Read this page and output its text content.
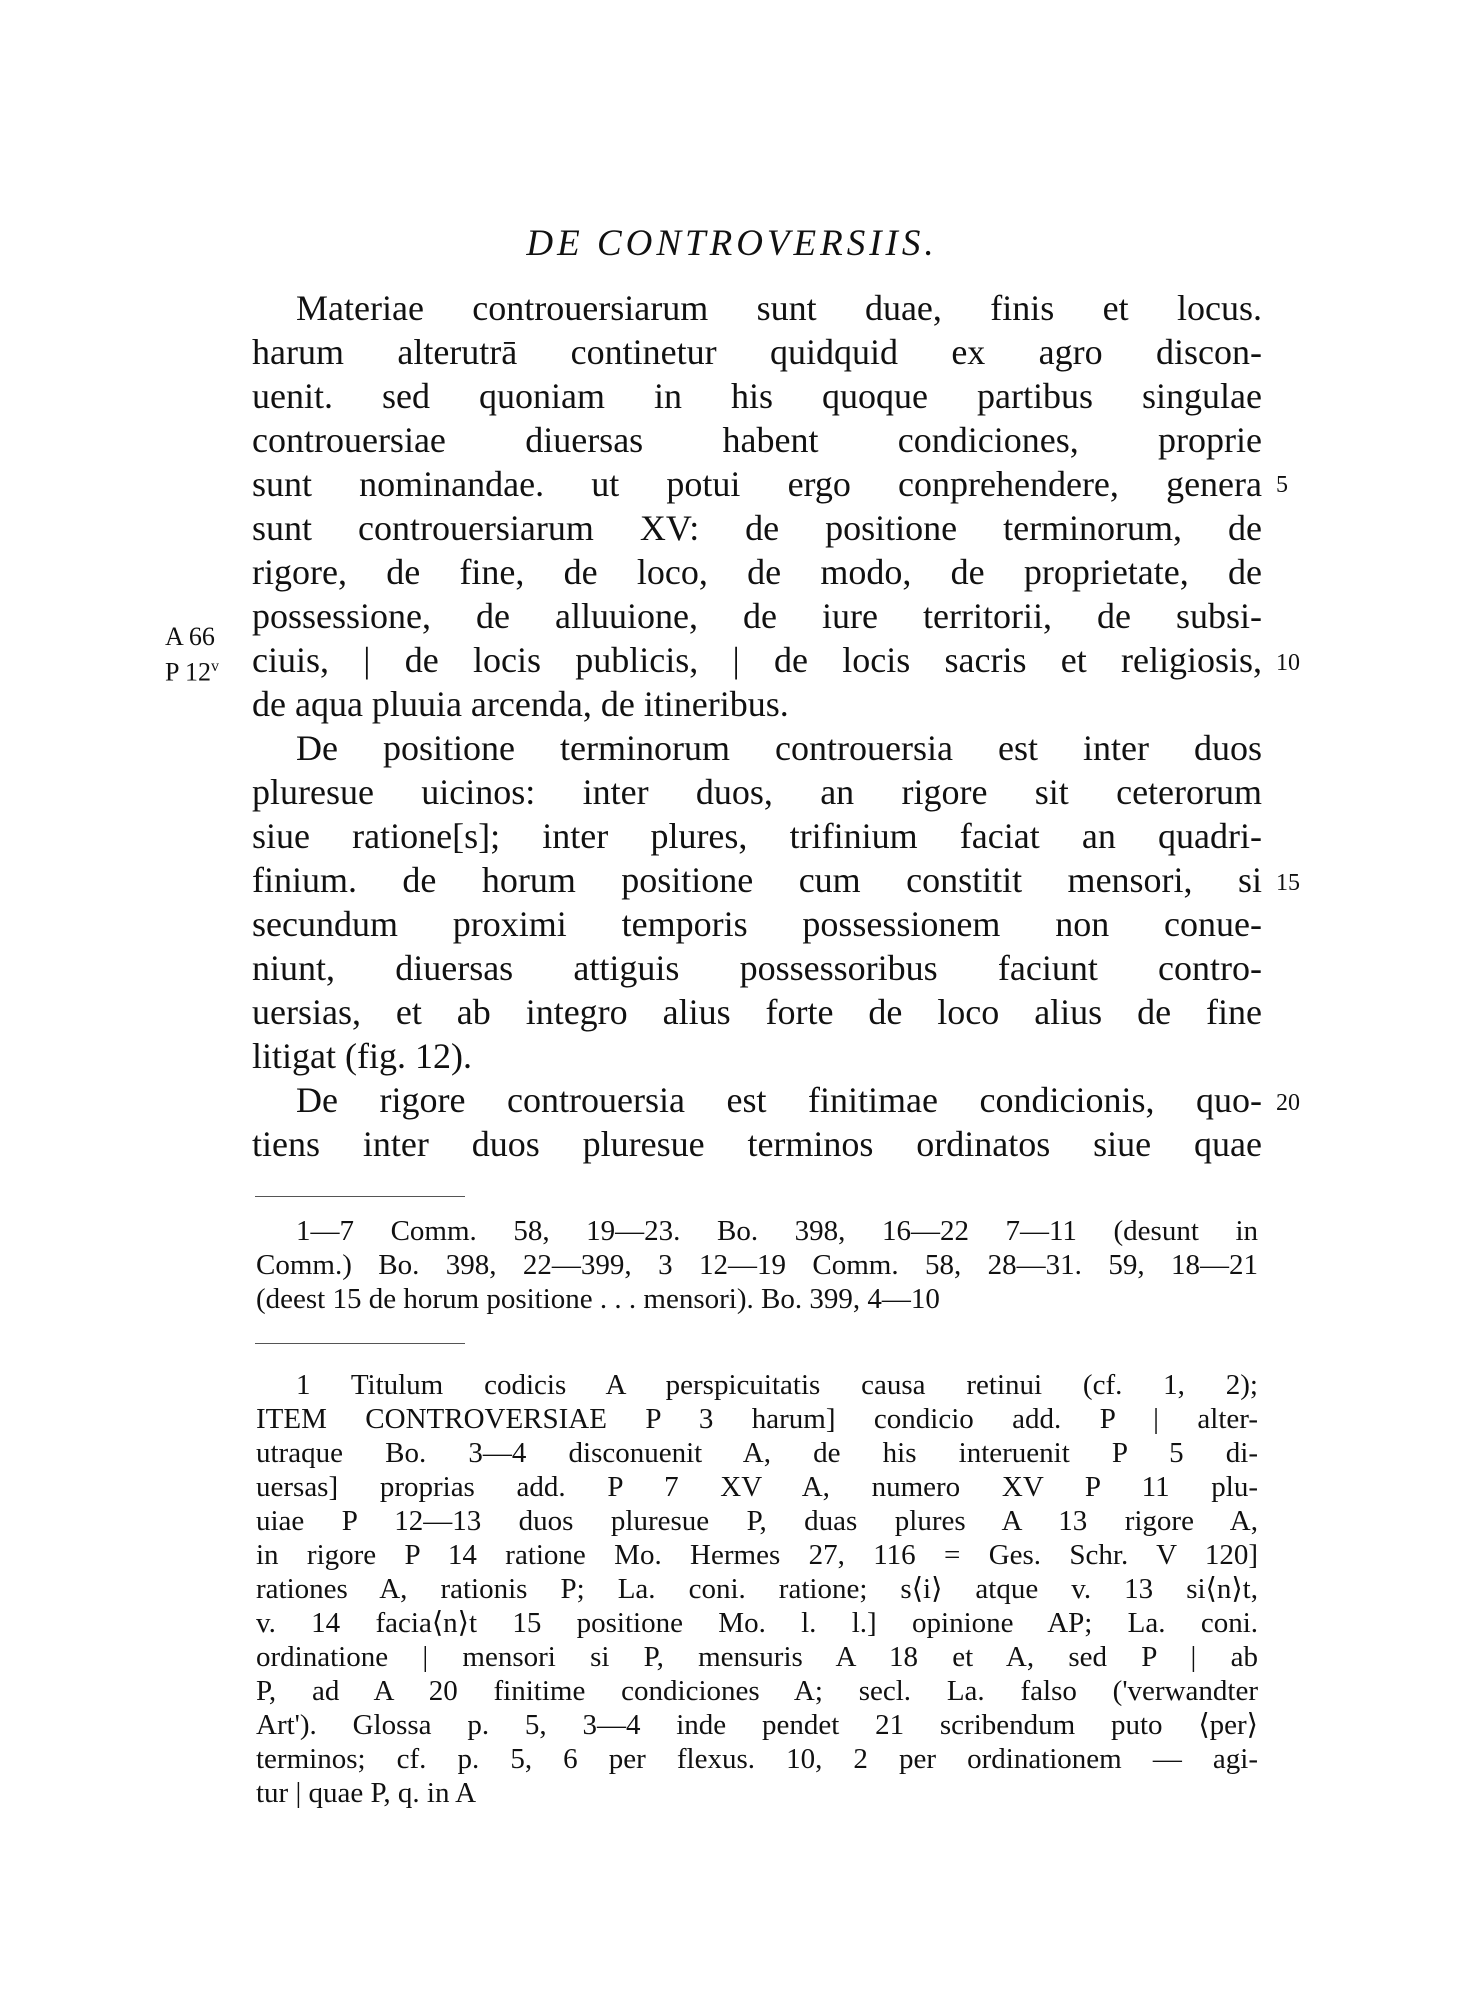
DE CONTROVERSIIS.
Materiae controuersiarum sunt duae, finis et locus.
harum alterutrā continetur quidquid ex agro discon-
uenit. sed quoniam in his quoque partibus singulae
controuersiae diuersas habent condiciones, proprie
sunt nominandae. ut potui ergo conprehendere, genera
sunt controuersiarum XV: de positione terminorum, de
rigore, de fine, de loco, de modo, de proprietate, de
possessione, de alluuione, de iure territorii, de subsi-
ciuis, | de locis publicis, | de locis sacris et religiosis,
de aqua pluuia arcenda, de itineribus.
De positione terminorum controuersia est inter duos
pluresue uicinos: inter duos, an rigore sit ceterorum
siue ratione[s]; inter plures, trifinium faciat an quadri-
finium. de horum positione cum constitit mensori, si
secundum proximi temporis possessionem non conue-
niunt, diuersas attiguis possessoribus faciunt contro-
uersias, et ab integro alius forte de loco alius de fine
litigat (fig. 12).
De rigore controuersia est finitimae condicionis, quo-
tiens inter duos pluresue terminos ordinatos siue quae
5
10
15
20
A 66
P 12$^v$
1—7 Comm. 58, 19—23. Bo. 398, 16—22 7—11 (desunt in
Comm.) Bo. 398, 22—399, 3 12—19 Comm. 58, 28—31. 59, 18—21
(deest 15 de horum positione . . . mensori). Bo. 399, 4—10
1 Titulum codicis A perspicuitatis causa retinui (cf. 1, 2);
ITEM CONTROVERSIAE P 3 harum] condicio add. P | alter-
utraque Bo. 3—4 disconuenit A, de his interuenit P 5 di-
uersas] proprias add. P 7 XV A, numero XV P 11 plu-
uiae P 12—13 duos pluresue P, duas plures A 13 rigore A,
in rigore P 14 ratione Mo. Hermes 27, 116 = Ges. Schr. V 120]
rationes A, rationis P; La. coni. ratione; s⟨i⟩ atque v. 13 si⟨n⟩t,
v. 14 facia⟨n⟩t 15 positione Mo. l. l.] opinione AP; La. coni.
ordinatione | mensori si P, mensuris A 18 et A, sed P | ab
P, ad A 20 finitime condiciones A; secl. La. falso ('verwandter
Art'). Glossa p. 5, 3—4 inde pendet 21 scribendum puto ⟨per⟩
terminos; cf. p. 5, 6 per flexus. 10, 2 per ordinationem — agi-
tur | quae P, q. in A
